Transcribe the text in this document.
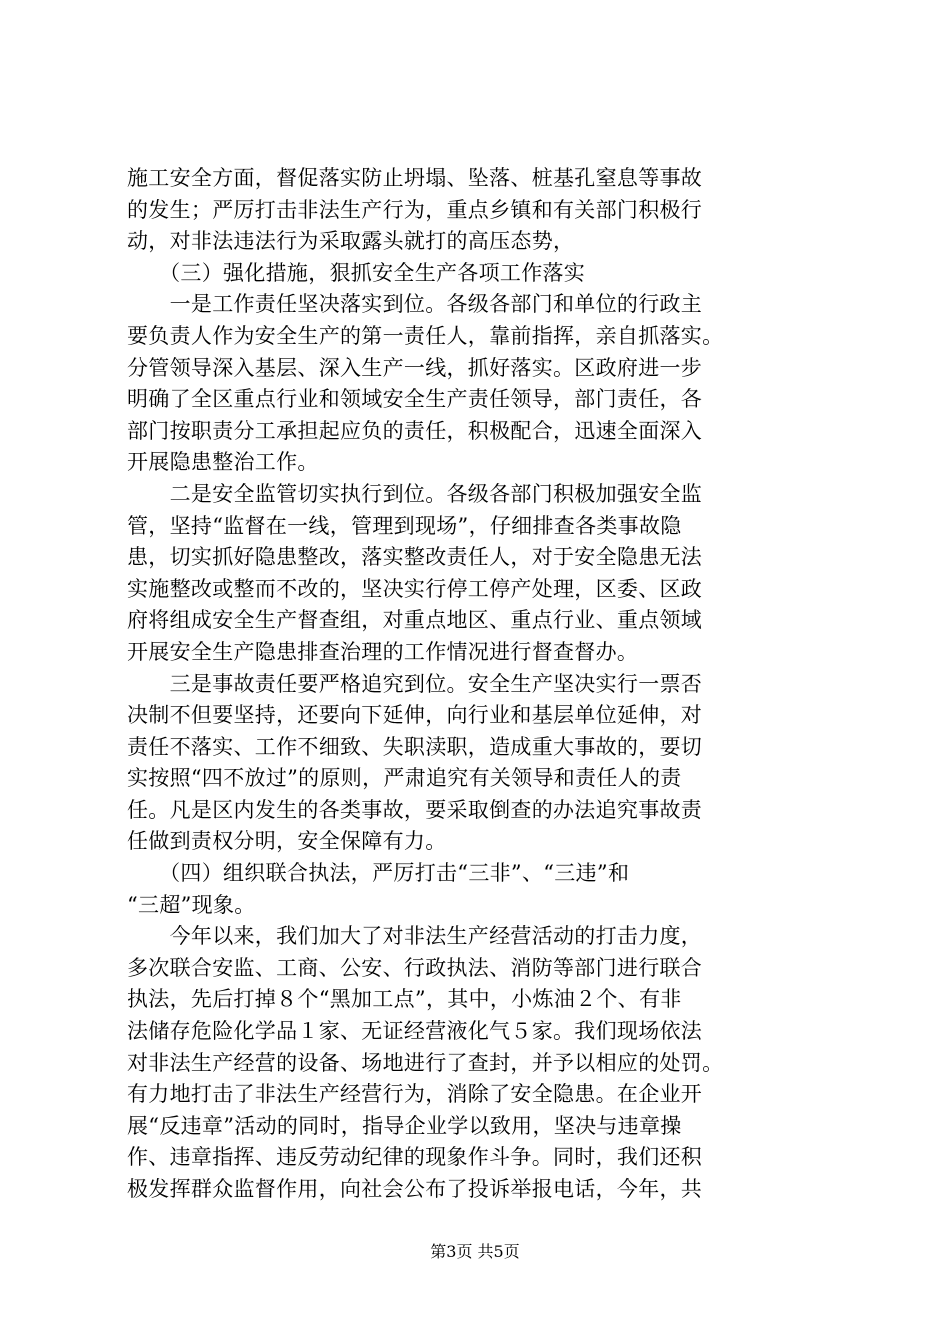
施工安全方面，督促落实防止坍塌、坠落、桩基孔窒息等事故
的发生；严厉打击非法生产行为，重点乡镇和有关部门积极行
动，对非法违法行为采取露头就打的高压态势，
　　（三）强化措施，狠抓安全生产各项工作落实
　　一是工作责任坚决落实到位。各级各部门和单位的行政主
要负责人作为安全生产的第一责任人，靠前指挥，亲自抓落实。
分管领导深入基层、深入生产一线，抓好落实。区政府进一步
明确了全区重点行业和领域安全生产责任领导，部门责任，各
部门按职责分工承担起应负的责任，积极配合，迅速全面深入
开展隐患整治工作。
　　二是安全监管切实执行到位。各级各部门积极加强安全监
管，坚持“监督在一线，管理到现场”，仔细排查各类事故隐
患，切实抓好隐患整改，落实整改责任人，对于安全隐患无法
实施整改或整而不改的，坚决实行停工停产处理，区委、区政
府将组成安全生产督查组，对重点地区、重点行业、重点领域
开展安全生产隐患排查治理的工作情况进行督查督办。
　　三是事故责任要严格追究到位。安全生产坚决实行一票否
决制不但要坚持，还要向下延伸，向行业和基层单位延伸，对
责任不落实、工作不细致、失职渎职，造成重大事故的，要切
实按照“四不放过”的原则，严肃追究有关领导和责任人的责
任。凡是区内发生的各类事故，要采取倒查的办法追究事故责
任做到责权分明，安全保障有力。
　　（四）组织联合执法，严厉打击“三非”、“三违”和
“三超”现象。
　　今年以来，我们加大了对非法生产经营活动的打击力度，
多次联合安监、工商、公安、行政执法、消防等部门进行联合
执法，先后打掉８个“黑加工点”，其中，小炼油２个、有非
法储存危险化学品１家、无证经营液化气５家。我们现场依法
对非法生产经营的设备、场地进行了查封，并予以相应的处罚。
有力地打击了非法生产经营行为，消除了安全隐患。在企业开
展“反违章”活动的同时，指导企业学以致用，坚决与违章操
作、违章指挥、违反劳动纪律的现象作斗争。同时，我们还积
极发挥群众监督作用，向社会公布了投诉举报电话，今年，共
第3页 共5页
